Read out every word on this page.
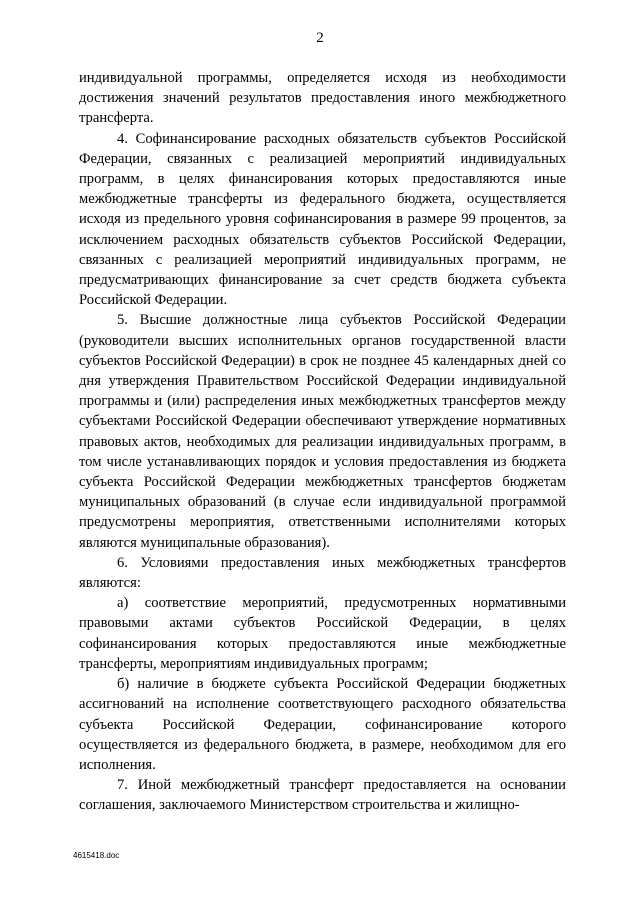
2

индивидуальной программы, определяется исходя из необходимости достижения значений результатов предоставления иного межбюджетного трансферта.

4. Софинансирование расходных обязательств субъектов Российской Федерации, связанных с реализацией мероприятий индивидуальных программ, в целях финансирования которых предоставляются иные межбюджетные трансферты из федерального бюджета, осуществляется исходя из предельного уровня софинансирования в размере 99 процентов, за исключением расходных обязательств субъектов Российской Федерации, связанных с реализацией мероприятий индивидуальных программ, не предусматривающих финансирование за счет средств бюджета субъекта Российской Федерации.

5. Высшие должностные лица субъектов Российской Федерации (руководители высших исполнительных органов государственной власти субъектов Российской Федерации) в срок не позднее 45 календарных дней со дня утверждения Правительством Российской Федерации индивидуальной программы и (или) распределения иных межбюджетных трансфертов между субъектами Российской Федерации обеспечивают утверждение нормативных правовых актов, необходимых для реализации индивидуальных программ, в том числе устанавливающих порядок и условия предоставления из бюджета субъекта Российской Федерации межбюджетных трансфертов бюджетам муниципальных образований (в случае если индивидуальной программой предусмотрены мероприятия, ответственными исполнителями которых являются муниципальные образования).

6. Условиями предоставления иных межбюджетных трансфертов являются:

а) соответствие мероприятий, предусмотренных нормативными правовыми актами субъектов Российской Федерации, в целях софинансирования которых предоставляются иные межбюджетные трансферты, мероприятиям индивидуальных программ;

б) наличие в бюджете субъекта Российской Федерации бюджетных ассигнований на исполнение соответствующего расходного обязательства субъекта Российской Федерации, софинансирование которого осуществляется из федерального бюджета, в размере, необходимом для его исполнения.

7. Иной межбюджетный трансферт предоставляется на основании соглашения, заключаемого Министерством строительства и жилищно-

4615418.doc
